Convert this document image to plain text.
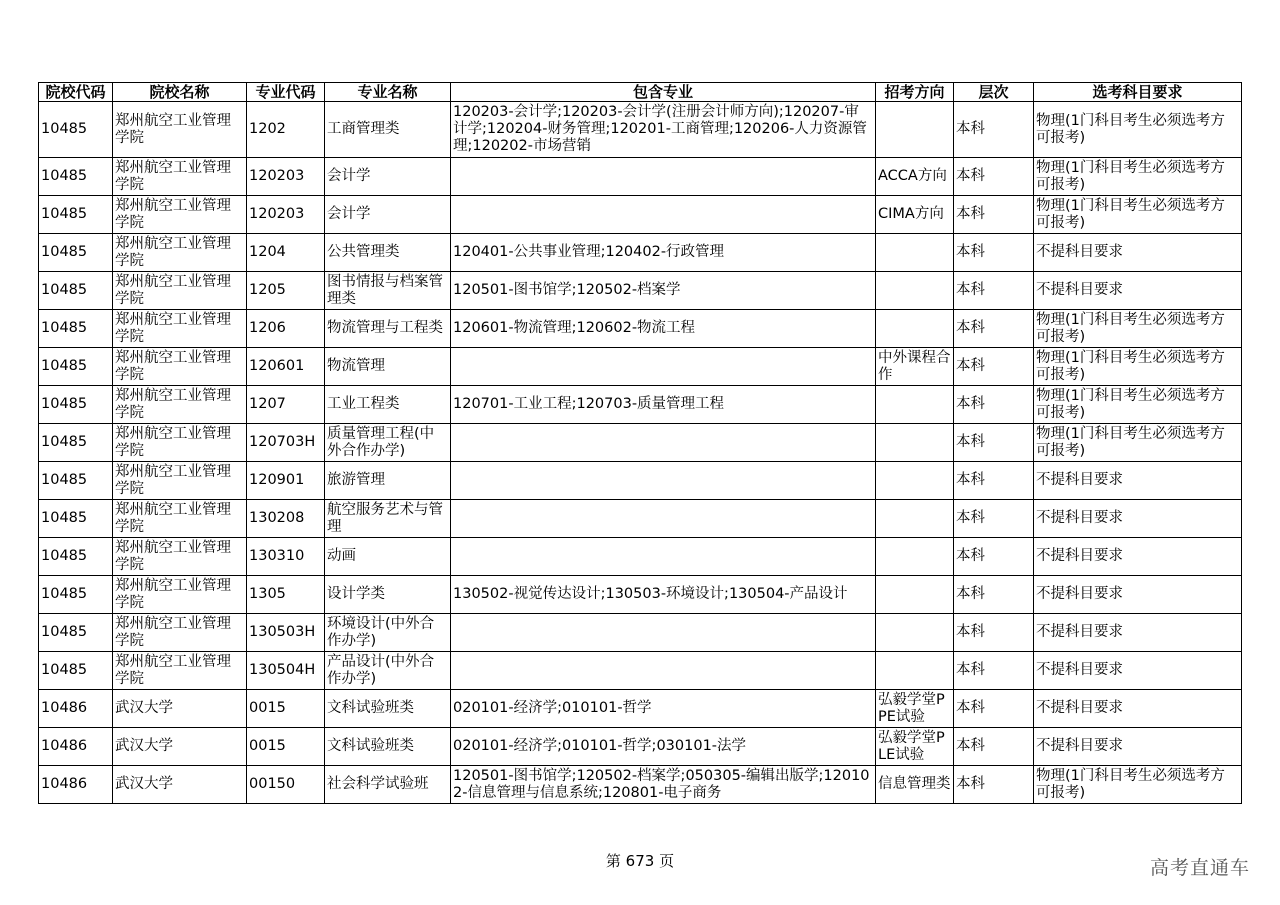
院校代码	院校名称	专业代码	专业名称	包含专业	招考方向	层次	选考科目要求
10485	郑州航空工业管理学院	1202	工商管理类	120203-会计学;120203-会计学(注册会计师方向);120207-审计学;120204-财务管理;120201-工商管理;120206-人力资源管理;120202-市场营销		本科	物理(1门科目考生必须选考方可报考)
10485	郑州航空工业管理学院	120203	会计学		ACCA方向	本科	物理(1门科目考生必须选考方可报考)
10485	郑州航空工业管理学院	120203	会计学		CIMA方向	本科	物理(1门科目考生必须选考方可报考)
10485	郑州航空工业管理学院	1204	公共管理类	120401-公共事业管理;120402-行政管理		本科	不提科目要求
10485	郑州航空工业管理学院	1205	图书情报与档案管理类	120501-图书馆学;120502-档案学		本科	不提科目要求
10485	郑州航空工业管理学院	1206	物流管理与工程类	120601-物流管理;120602-物流工程		本科	物理(1门科目考生必须选考方可报考)
10485	郑州航空工业管理学院	120601	物流管理		中外课程合作	本科	物理(1门科目考生必须选考方可报考)
10485	郑州航空工业管理学院	1207	工业工程类	120701-工业工程;120703-质量管理工程		本科	物理(1门科目考生必须选考方可报考)
10485	郑州航空工业管理学院	120703H	质量管理工程(中外合作办学)			本科	物理(1门科目考生必须选考方可报考)
10485	郑州航空工业管理学院	120901	旅游管理			本科	不提科目要求
10485	郑州航空工业管理学院	130208	航空服务艺术与管理			本科	不提科目要求
10485	郑州航空工业管理学院	130310	动画			本科	不提科目要求
10485	郑州航空工业管理学院	1305	设计学类	130502-视觉传达设计;130503-环境设计;130504-产品设计		本科	不提科目要求
10485	郑州航空工业管理学院	130503H	环境设计(中外合作办学)			本科	不提科目要求
10485	郑州航空工业管理学院	130504H	产品设计(中外合作办学)			本科	不提科目要求
10486	武汉大学	0015	文科试验班类	020101-经济学;010101-哲学	弘毅学堂PPE试验	本科	不提科目要求
10486	武汉大学	0015	文科试验班类	020101-经济学;010101-哲学;030101-法学	弘毅学堂PLE试验	本科	不提科目要求
10486	武汉大学	00150	社会科学试验班	120501-图书馆学;120502-档案学;050305-编辑出版学;120102-信息管理与信息系统;120801-电子商务	信息管理类	本科	物理(1门科目考生必须选考方可报考)
第 673 页	高考直通车
